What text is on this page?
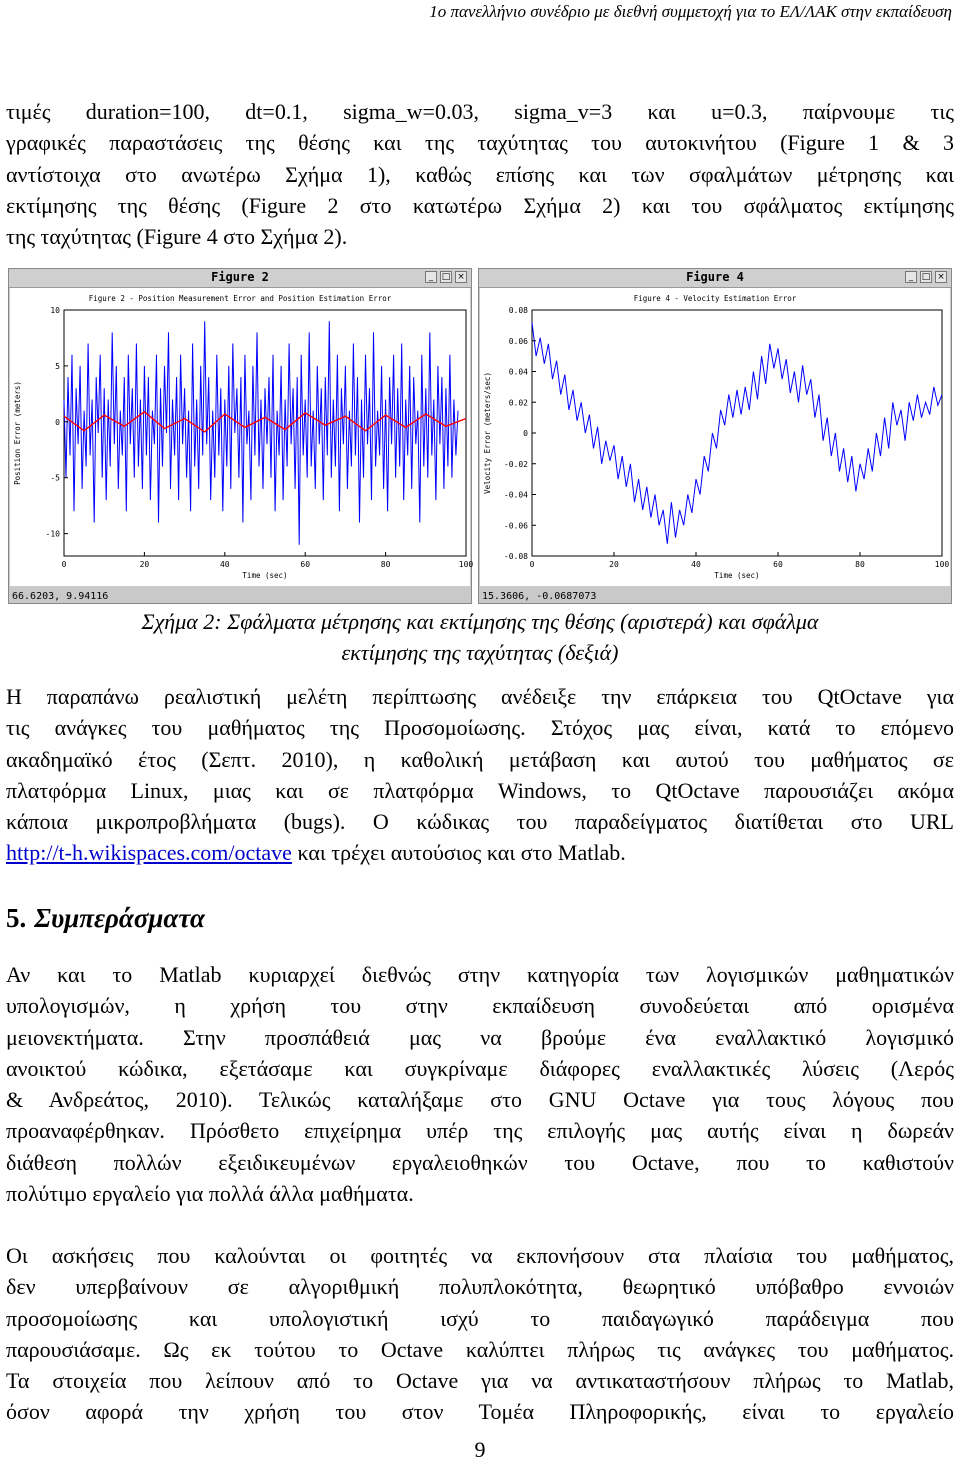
1ο πανελλήνιο συνέδριο με διεθνή συμμετοχή για το ΕΛ/ΛΑΚ στην εκπαίδευση

τιμές duration=100, dt=0.1, sigma_w=0.03, sigma_v=3 και u=0.3, παίρνουμε τις
γραφικές παραστάσεις της θέσης και της ταχύτητας του αυτοκινήτου (Figure 1 & 3
αντίστοιχα στο ανωτέρω Σχήμα 1), καθώς επίσης και των σφαλμάτων μέτρησης και
εκτίμησης της θέσης (Figure 2 στο κατωτέρω Σχήμα 2) και του σφάλματος εκτίμησης
της ταχύτητας (Figure 4 στο Σχήμα 2).

Figure 2	_ □ ×
Figure 2 - Position Measurement Error and Position Estimation Error
0	20	40	60	80	100
10
5
0
-5
-10
Time (sec)
Position Error (meters)
66.6203, 9.94116
Figure 4	_ □ ×
Figure 4 - Velocity Estimation Error
0	20	40	60	80	100
0.08
0.06
0.04
0.02
0
-0.02
-0.04
-0.06
-0.08
Time (sec)
Velocity Error (meters/sec)
15.3606, -0.0687073
Σχήμα 2: Σφάλματα μέτρησης και εκτίμησης της θέσης (αριστερά) και σφάλμα
εκτίμησης της ταχύτητας (δεξιά)

Η παραπάνω ρεαλιστική μελέτη περίπτωσης ανέδειξε την επάρκεια του QtOctave για
τις ανάγκες του μαθήματος της Προσομοίωσης. Στόχος μας είναι, κατά το επόμενο
ακαδημαϊκό έτος (Σεπτ. 2010), η καθολική μετάβαση και αυτού του μαθήματος σε
πλατφόρμα Linux, μιας και σε πλατφόρμα Windows, το QtOctave παρουσιάζει ακόμα
κάποια μικροπροβλήματα (bugs). Ο κώδικας του παραδείγματος διατίθεται στο URL
http://t-h.wikispaces.com/octave και τρέχει αυτούσιος και στο Matlab.

5. Συμπεράσματα

Αν και το Matlab κυριαρχεί διεθνώς στην κατηγορία των λογισμικών μαθηματικών
υπολογισμών, η χρήση του στην εκπαίδευση συνοδεύεται από ορισμένα
μειονεκτήματα. Στην προσπάθειά μας να βρούμε ένα εναλλακτικό λογισμικό
ανοικτού κώδικα, εξετάσαμε και συγκρίναμε διάφορες εναλλακτικές λύσεις (Λερός
& Ανδρεάτος, 2010). Τελικώς καταλήξαμε στο GNU Octave για τους λόγους που
προαναφέρθηκαν. Πρόσθετο επιχείρημα υπέρ της επιλογής μας αυτής είναι η δωρεάν
διάθεση πολλών εξειδικευμένων εργαλειοθηκών του Octave, που το καθιστούν
πολύτιμο εργαλείο για πολλά άλλα μαθήματα.

Οι ασκήσεις που καλούνται οι φοιτητές να εκπονήσουν στα πλαίσια του μαθήματος,
δεν υπερβαίνουν σε αλγοριθμική πολυπλοκότητα, θεωρητικό υπόβαθρο εννοιών
προσομοίωσης και υπολογιστική ισχύ το παιδαγωγικό παράδειγμα που
παρουσιάσαμε. Ως εκ τούτου το Octave καλύπτει πλήρως τις ανάγκες του μαθήματος.
Τα στοιχεία που λείπουν από το Octave για να αντικαταστήσουν πλήρως το Matlab,
όσον αφορά την χρήση του στον Τομέα Πληροφορικής, είναι το εργαλείο

9
